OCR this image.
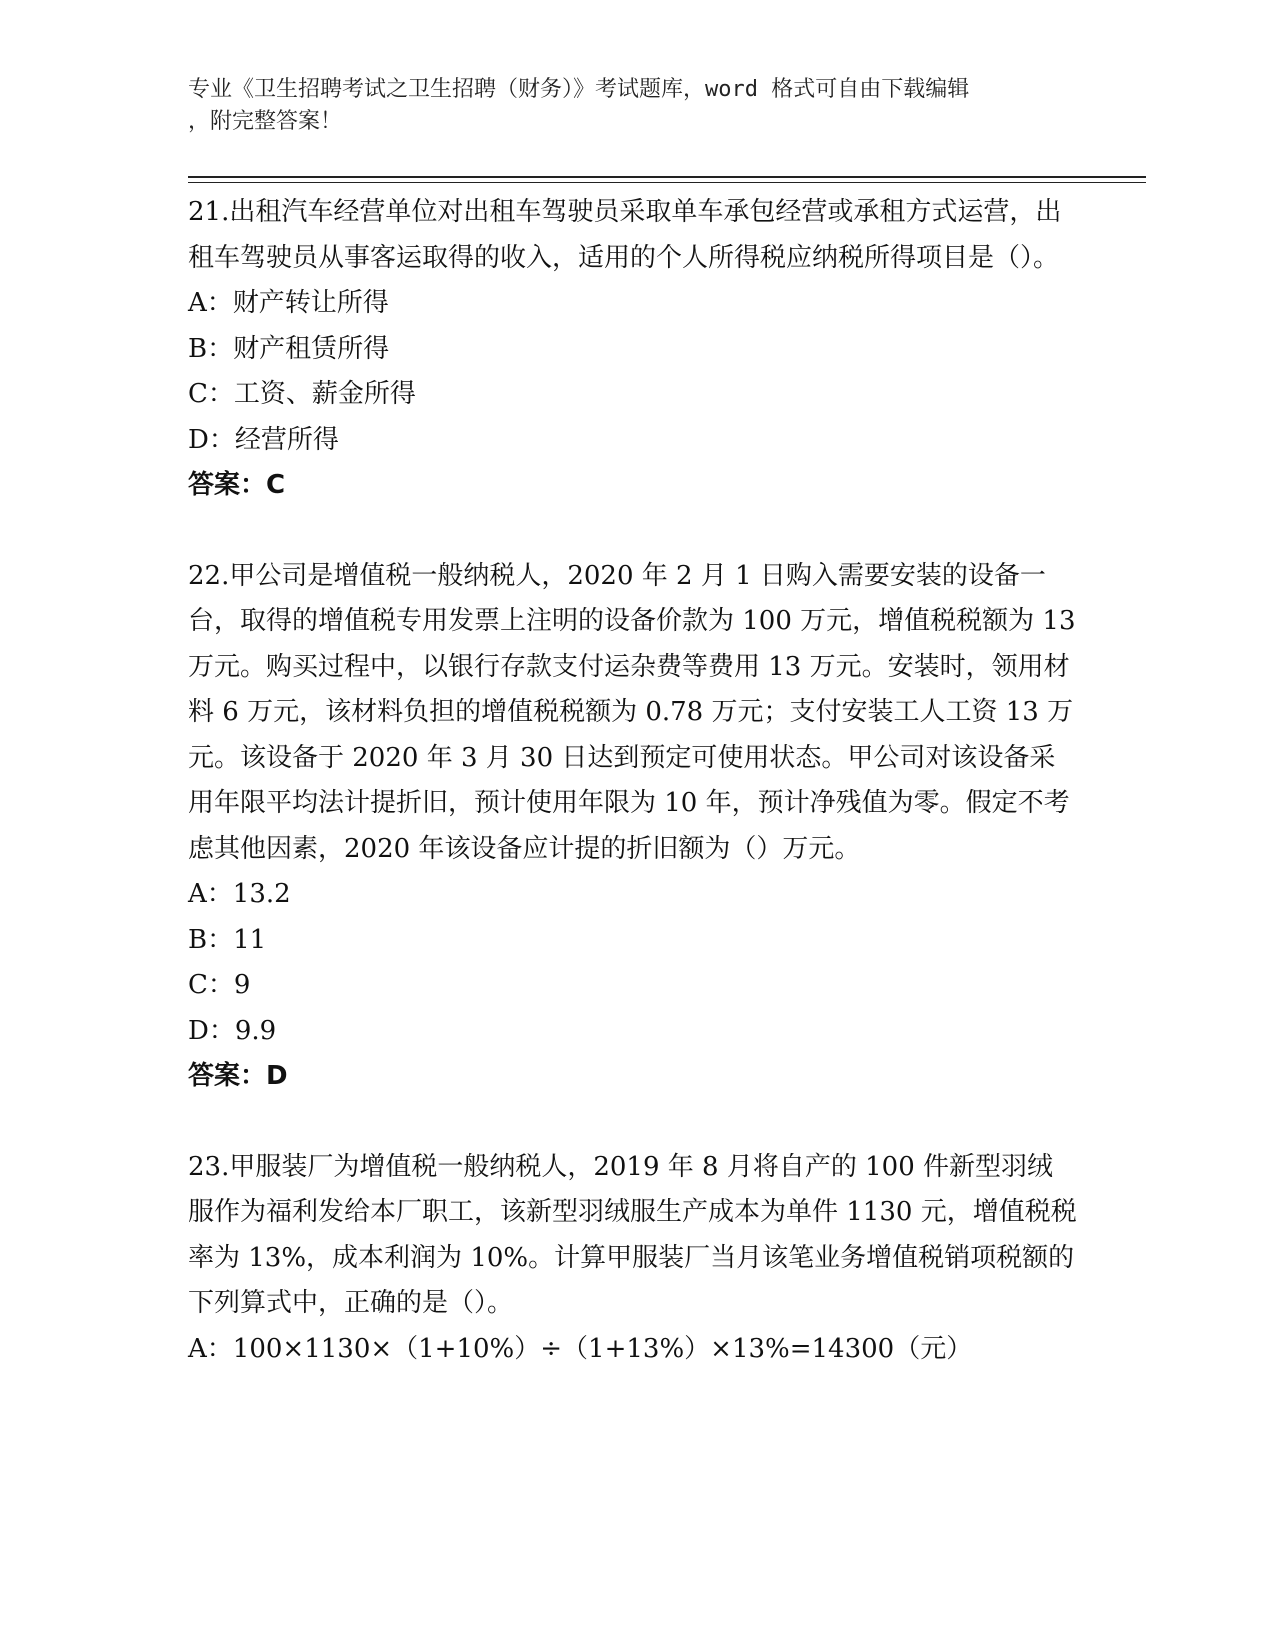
专业《卫生招聘考试之卫生招聘（财务）》考试题库，word 格式可自由下载编辑
，附完整答案！

21.出租汽车经营单位对出租车驾驶员采取单车承包经营或承租方式运营，出租车驾驶员从事客运取得的收入，适用的个人所得税应纳税所得项目是（）。

A：财产转让所得

B：财产租赁所得

C：工资、薪金所得

D：经营所得

答案：C

22.甲公司是增值税一般纳税人，2020 年 2 月 1 日购入需要安装的设备一台，取得的增值税专用发票上注明的设备价款为 100 万元，增值税税额为 13 万元。购买过程中，以银行存款支付运杂费等费用 13 万元。安装时，领用材料 6 万元，该材料负担的增值税税额为 0.78 万元；支付安装工人工资 13 万元。该设备于 2020 年 3 月 30 日达到预定可使用状态。甲公司对该设备采用年限平均法计提折旧，预计使用年限为 10 年，预计净残值为零。假定不考虑其他因素，2020 年该设备应计提的折旧额为（）万元。

A：13.2

B：11

C：9

D：9.9

答案：D

23.甲服装厂为增值税一般纳税人，2019 年 8 月将自产的 100 件新型羽绒服作为福利发给本厂职工，该新型羽绒服生产成本为单件 1130 元，增值税税率为 13%，成本利润为 10%。计算甲服装厂当月该笔业务增值税销项税额的下列算式中，正确的是（）。

A：100×1130×（1+10%）÷（1+13%）×13%=14300（元）
